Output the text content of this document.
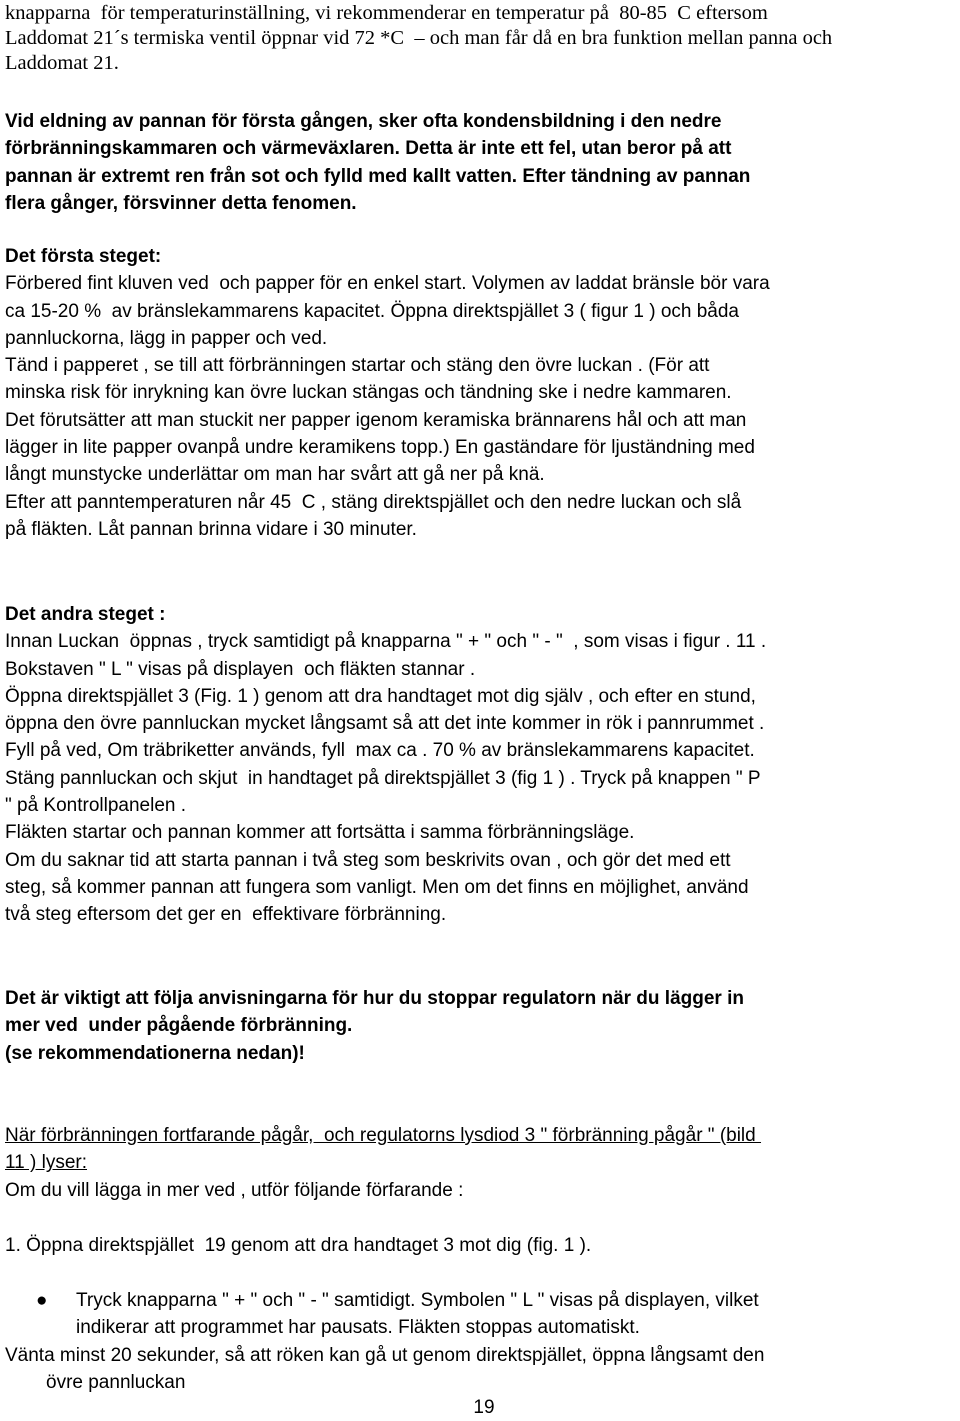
knapparna  för temperaturinställning, vi rekommenderar en temperatur på  80-85  C eftersom
Laddomat 21´s termiska ventil öppnar vid 72 *C  – och man får då en bra funktion mellan panna och
Laddomat 21.
Vid eldning av pannan för första gången, sker ofta kondensbildning i den nedre
förbränningskammaren och värmeväxlaren. Detta är inte ett fel, utan beror på att
pannan är extremt ren från sot och fylld med kallt vatten. Efter tändning av pannan
flera gånger, försvinner detta fenomen.
Det första steget:
Förbered fint kluven ved  och papper för en enkel start. Volymen av laddat bränsle bör vara
ca 15-20 %  av bränslekammarens kapacitet. Öppna direktspjället 3 ( figur 1 ) och båda
pannluckorna, lägg in papper och ved.
Tänd i papperet , se till att förbränningen startar och stäng den övre luckan . (För att
minska risk för inrykning kan övre luckan stängas och tändning ske i nedre kammaren.
Det förutsätter att man stuckit ner papper igenom keramiska brännarens hål och att man
lägger in lite papper ovanpå undre keramikens topp.) En gaständare för ljuständning med
långt munstycke underlättar om man har svårt att gå ner på knä.
Efter att panntemperaturen når 45  C , stäng direktspjället och den nedre luckan och slå
på fläkten. Låt pannan brinna vidare i 30 minuter.
Det andra steget :
Innan Luckan  öppnas , tryck samtidigt på knapparna " + " och " - "  , som visas i figur . 11 .
Bokstaven " L " visas på displayen  och fläkten stannar .
Öppna direktspjället 3 (Fig. 1 ) genom att dra handtaget mot dig själv , och efter en stund,
öppna den övre pannluckan mycket långsamt så att det inte kommer in rök i pannrummet .
Fyll på ved, Om träbriketter används, fyll  max ca . 70 % av bränslekammarens kapacitet.
Stäng pannluckan och skjut  in handtaget på direktspjället 3 (fig 1 ) . Tryck på knappen " P
" på Kontrollpanelen .
Fläkten startar och pannan kommer att fortsätta i samma förbränningsläge.
Om du saknar tid att starta pannan i två steg som beskrivits ovan , och gör det med ett
steg, så kommer pannan att fungera som vanligt. Men om det finns en möjlighet, använd
två steg eftersom det ger en  effektivare förbränning.
Det är viktigt att följa anvisningarna för hur du stoppar regulatorn när du lägger in
mer ved  under pågående förbränning.
(se rekommendationerna nedan)!
När förbränningen fortfarande pågår,  och regulatorns lysdiod 3 " förbränning pågår " (bild
11 ) lyser:
Om du vill lägga in mer ved , utför följande förfarande :
1. Öppna direktspjället  19 genom att dra handtaget 3 mot dig (fig. 1 ).
● Tryck knapparna " + " och " - " samtidigt. Symbolen " L " visas på displayen, vilket
indikerar att programmet har pausats. Fläkten stoppas automatiskt.
Vänta minst 20 sekunder, så att röken kan gå ut genom direktspjället, öppna långsamt den
övre pannluckan
19
